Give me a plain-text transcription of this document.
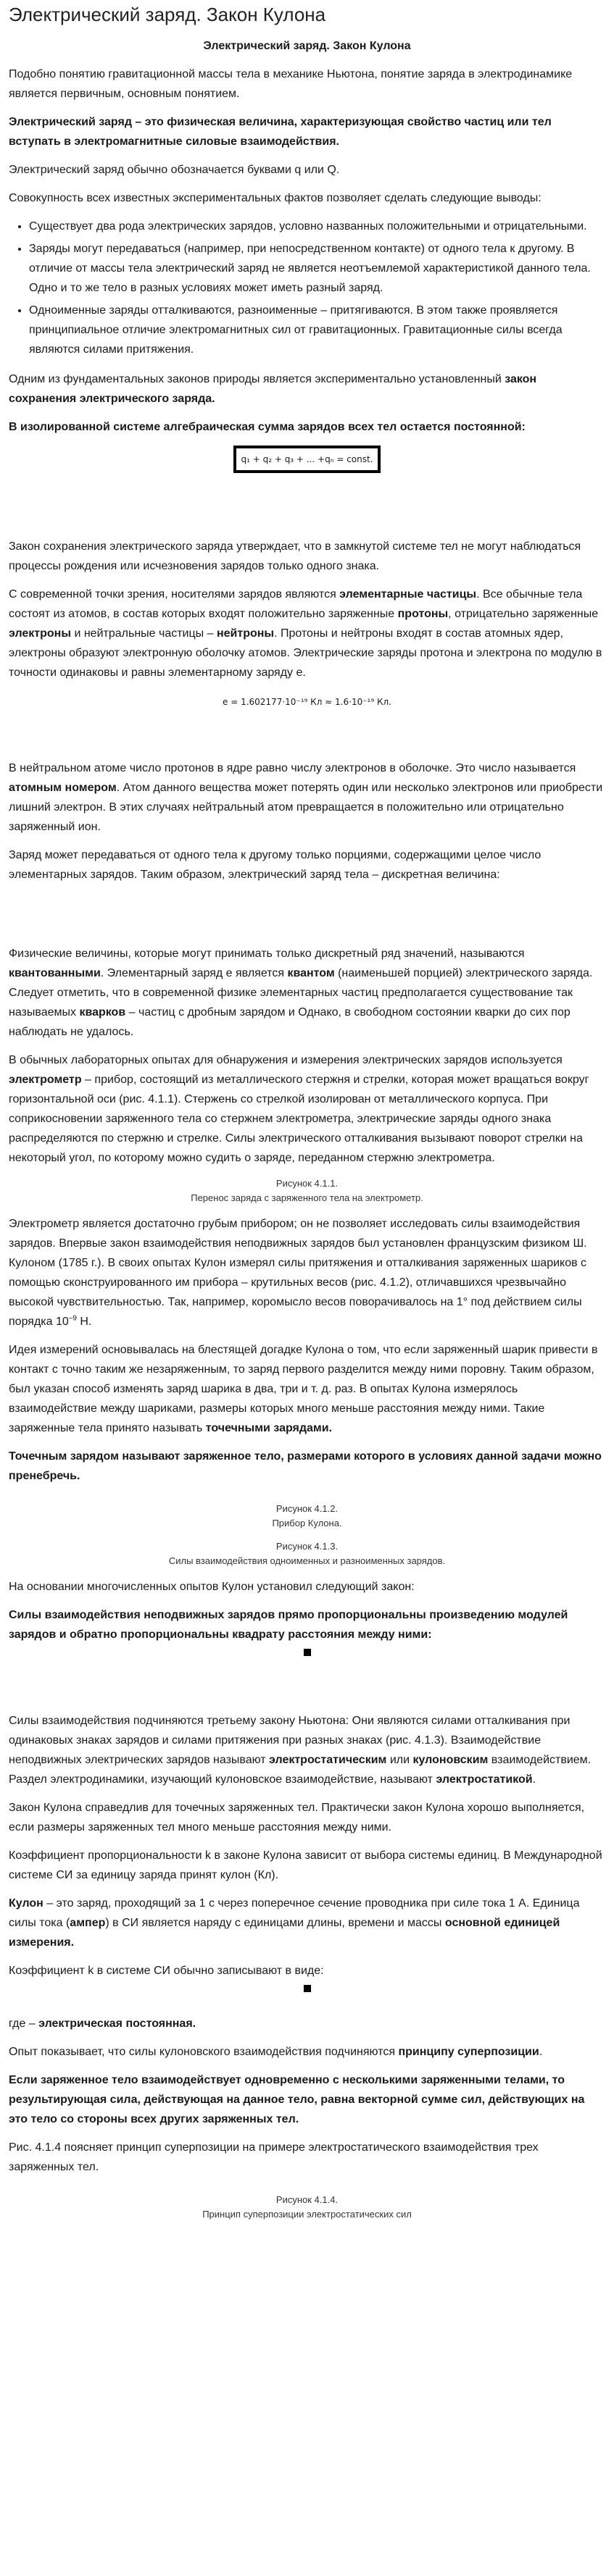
Электрический заряд. Закон Кулона
Электрический заряд. Закон Кулона

Подобно понятию гравитационной массы тела в механике Ньютона, понятие заряда в электродинамике является первичным, основным понятием.

Электрический заряд – это физическая величина, характеризующая свойство частиц или тел вступать в электромагнитные силовые взаимодействия.

Электрический заряд обычно обозначается буквами q или Q.

Совокупность всех известных экспериментальных фактов позволяет сделать следующие выводы:

• Существует два рода электрических зарядов, условно названных положительными и отрицательными.
• Заряды могут передаваться (например, при непосредственном контакте) от одного тела к другому. В отличие от массы тела электрический заряд не является неотъемлемой характеристикой данного тела. Одно и то же тело в разных условиях может иметь разный заряд.
• Одноименные заряды отталкиваются, разноименные – притягиваются. В этом также проявляется принципиальное отличие электромагнитных сил от гравитационных. Гравитационные силы всегда являются силами притяжения.

Одним из фундаментальных законов природы является экспериментально установленный закон сохранения электрического заряда.

В изолированной системе алгебраическая сумма зарядов всех тел остается постоянной:

q₁ + q₂ + q₃ + ... +qₙ = const.

Закон сохранения электрического заряда утверждает, что в замкнутой системе тел не могут наблюдаться процессы рождения или исчезновения зарядов только одного знака.

С современной точки зрения, носителями зарядов являются элементарные частицы. Все обычные тела состоят из атомов, в состав которых входят положительно заряженные протоны, отрицательно заряженные электроны и нейтральные частицы – нейтроны. Протоны и нейтроны входят в состав атомных ядер, электроны образуют электронную оболочку атомов. Электрические заряды протона и электрона по модулю в точности одинаковы и равны элементарному заряду e.

e = 1.602177·10⁻¹⁹ Кл ≈ 1.6·10⁻¹⁹ Кл.

В нейтральном атоме число протонов в ядре равно числу электронов в оболочке. Это число называется атомным номером. Атом данного вещества может потерять один или несколько электронов или приобрести лишний электрон. В этих случаях нейтральный атом превращается в положительно или отрицательно заряженный ион.

Заряд может передаваться от одного тела к другому только порциями, содержащими целое число элементарных зарядов. Таким образом, электрический заряд тела – дискретная величина:

Физические величины, которые могут принимать только дискретный ряд значений, называются квантованными. Элементарный заряд e является квантом (наименьшей порцией) электрического заряда. Следует отметить, что в современной физике элементарных частиц предполагается существование так называемых кварков – частиц с дробным зарядом и Однако, в свободном состоянии кварки до сих пор наблюдать не удалось.

В обычных лабораторных опытах для обнаружения и измерения электрических зарядов используется электрометр – прибор, состоящий из металлического стержня и стрелки, которая может вращаться вокруг горизонтальной оси (рис. 4.1.1). Стержень со стрелкой изолирован от металлического корпуса. При соприкосновении заряженного тела со стержнем электрометра, электрические заряды одного знака распределяются по стержню и стрелке. Силы электрического отталкивания вызывают поворот стрелки на некоторый угол, по которому можно судить о заряде, переданном стержню электрометра.

Рисунок 4.1.1.
Перенос заряда с заряженного тела на электрометр.

Электрометр является достаточно грубым прибором; он не позволяет исследовать силы взаимодействия зарядов. Впервые закон взаимодействия неподвижных зарядов был установлен французским физиком Ш. Кулоном (1785 г.). В своих опытах Кулон измерял силы притяжения и отталкивания заряженных шариков с помощью сконструированного им прибора – крутильных весов (рис. 4.1.2), отличавшихся чрезвычайно высокой чувствительностью. Так, например, коромысло весов поворачивалось на 1° под действием силы порядка $10^{-9}$ Н.

Идея измерений основывалась на блестящей догадке Кулона о том, что если заряженный шарик привести в контакт с точно таким же незаряженным, то заряд первого разделится между ними поровну. Таким образом, был указан способ изменять заряд шарика в два, три и т. д. раз. В опытах Кулона измерялось взаимодействие между шариками, размеры которых много меньше расстояния между ними. Такие заряженные тела принято называть точечными зарядами.

Точечным зарядом называют заряженное тело, размерами которого в условиях данной задачи можно пренебречь.

Рисунок 4.1.2.
Прибор Кулона.
Рисунок 4.1.3.
Силы взаимодействия одноименных и разноименных зарядов.

На основании многочисленных опытов Кулон установил следующий закон:

Силы взаимодействия неподвижных зарядов прямо пропорциональны произведению модулей зарядов и обратно пропорциональны квадрату расстояния между ними:

Силы взаимодействия подчиняются третьему закону Ньютона: Они являются силами отталкивания при одинаковых знаках зарядов и силами притяжения при разных знаках (рис. 4.1.3). Взаимодействие неподвижных электрических зарядов называют электростатическим или кулоновским взаимодействием. Раздел электродинамики, изучающий кулоновское взаимодействие, называют электростатикой.

Закон Кулона справедлив для точечных заряженных тел. Практически закон Кулона хорошо выполняется, если размеры заряженных тел много меньше расстояния между ними.

Коэффициент пропорциональности k в законе Кулона зависит от выбора системы единиц. В Международной системе СИ за единицу заряда принят кулон (Кл).

Кулон – это заряд, проходящий за 1 с через поперечное сечение проводника при силе тока 1 А. Единица силы тока (ампер) в СИ является наряду с единицами длины, времени и массы основной единицей измерения.

Коэффициент k в системе СИ обычно записывают в виде:

где – электрическая постоянная.

Опыт показывает, что силы кулоновского взаимодействия подчиняются принципу суперпозиции.

Если заряженное тело взаимодействует одновременно с несколькими заряженными телами, то результирующая сила, действующая на данное тело, равна векторной сумме сил, действующих на это тело со стороны всех других заряженных тел.

Рис. 4.1.4 поясняет принцип суперпозиции на примере электростатического взаимодействия трех заряженных тел.

Рисунок 4.1.4.
Принцип суперпозиции электростатических сил
